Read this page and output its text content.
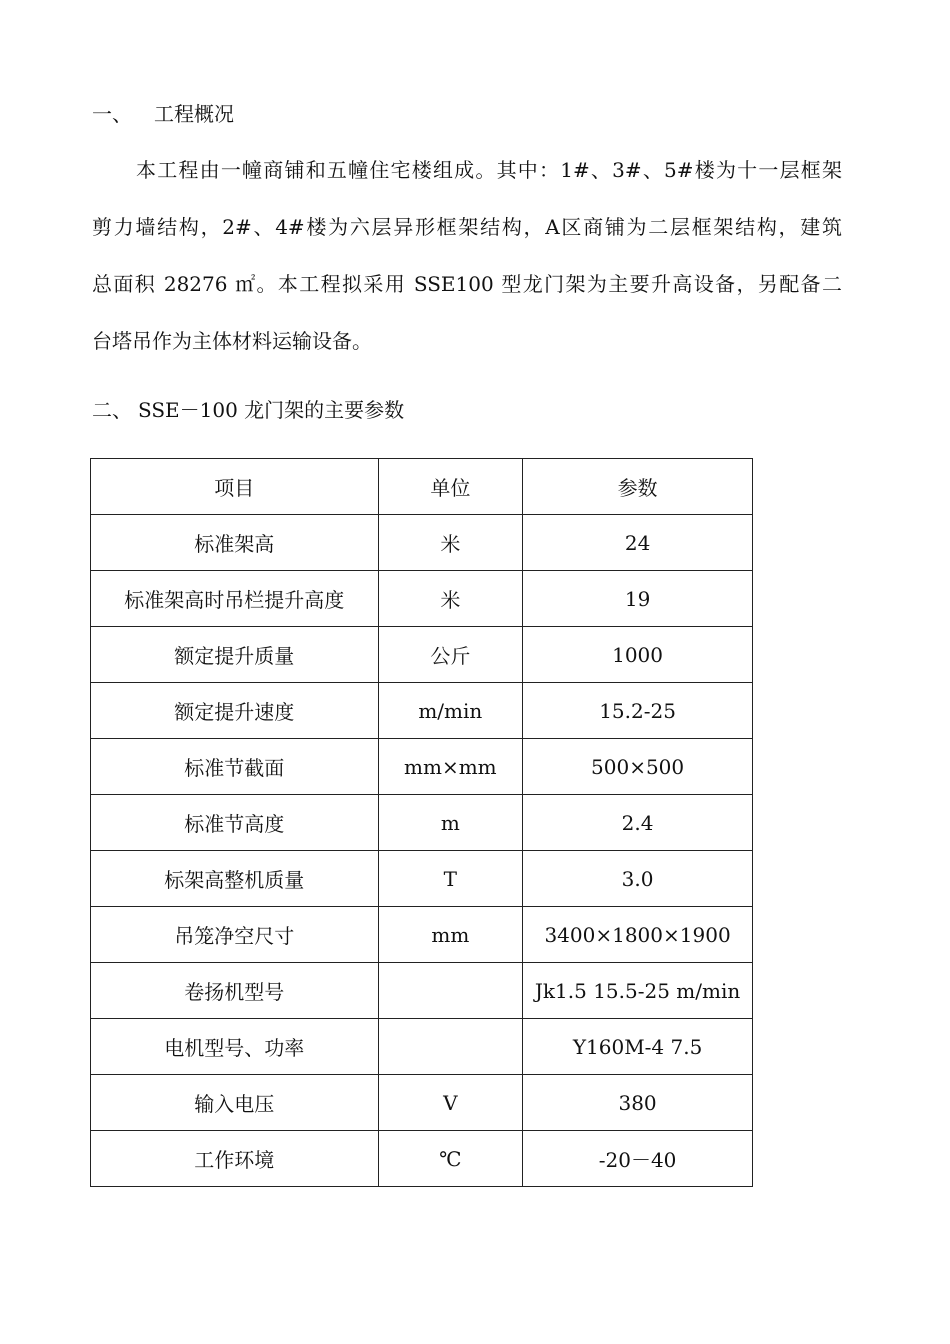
一、 工程概况
本工程由一幢商铺和五幢住宅楼组成。其中：1#、3#、5#楼为十一层框架
剪力墙结构，2#、4#楼为六层异形框架结构，A区商铺为二层框架结构，建筑
总面积 28276 ㎡。本工程拟采用 SSE100 型龙门架为主要升高设备，另配备二
台塔吊作为主体材料运输设备。
二、 SSE－100 龙门架的主要参数
项目	单位	参数
标准架高	米	24
标准架高时吊栏提升高度	米	19
额定提升质量	公斤	1000
额定提升速度	m/min	15.2-25
标准节截面	mm×mm	500×500
标准节高度	m	2.4
标架高整机质量	T	3.0
吊笼净空尺寸	mm	3400×1800×1900
卷扬机型号		Jk1.5 15.5-25 m/min
电机型号、功率		Y160M-4 7.5
输入电压	V	380
工作环境	℃	-20－40
